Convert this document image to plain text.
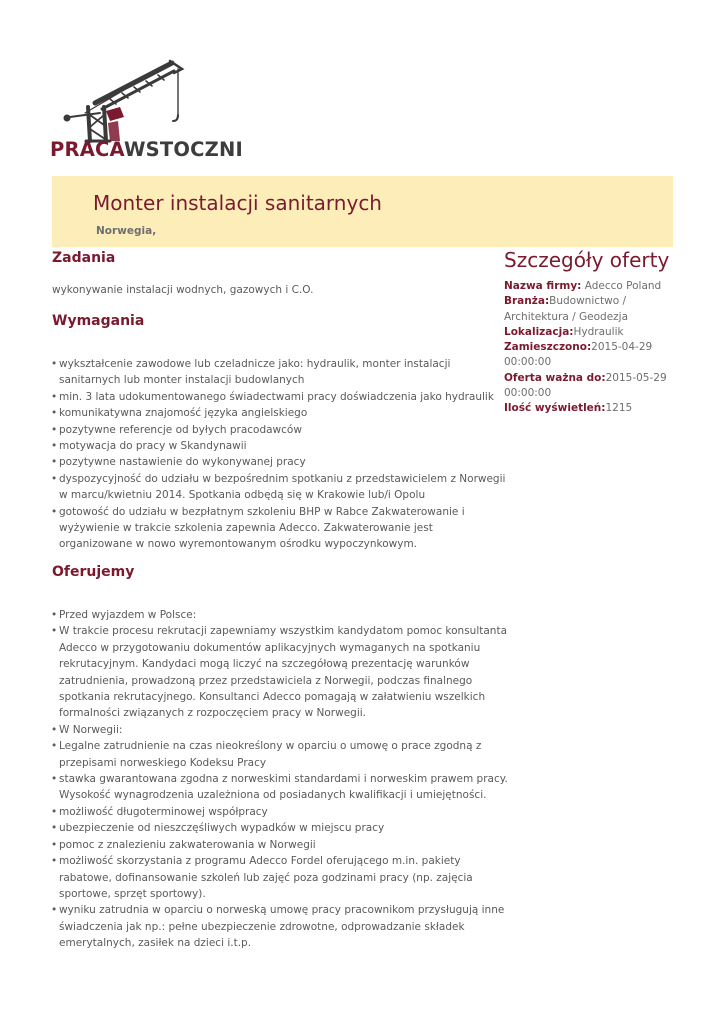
PRACAWSTOCZNI
Monter instalacji sanitarnych
Norwegia,
Zadania
wykonywanie instalacji wodnych, gazowych i C.O.
Wymagania
• wykształcenie zawodowe lub czeladnicze jako: hydraulik, monter instalacji sanitarnych lub monter instalacji budowlanych
• min. 3 lata udokumentowanego świadectwami pracy doświadczenia jako hydraulik
• komunikatywna znajomość języka angielskiego
• pozytywne referencje od byłych pracodawców
• motywacja do pracy w Skandynawii
• pozytywne nastawienie do wykonywanej pracy
• dyspozycyjność do udziału w bezpośrednim spotkaniu z przedstawicielem z Norwegii w marcu/kwietniu 2014. Spotkania odbędą się w Krakowie lub/i Opolu
• gotowość do udziału w bezpłatnym szkoleniu BHP w Rabce Zakwaterowanie i wyżywienie w trakcie szkolenia zapewnia Adecco. Zakwaterowanie jest organizowane w nowo wyremontowanym ośrodku wypoczynkowym.
Oferujemy
• Przed wyjazdem w Polsce:
• W trakcie procesu rekrutacji zapewniamy wszystkim kandydatom pomoc konsultanta Adecco w przygotowaniu dokumentów aplikacyjnych wymaganych na spotkaniu rekrutacyjnym. Kandydaci mogą liczyć na szczegółową prezentację warunków zatrudnienia, prowadzoną przez przedstawiciela z Norwegii, podczas finalnego spotkania rekrutacyjnego. Konsultanci Adecco pomagają w załatwieniu wszelkich formalności związanych z rozpoczęciem pracy w Norwegii.
• W Norwegii:
• Legalne zatrudnienie na czas nieokreślony w oparciu o umowę o prace zgodną z przepisami norweskiego Kodeksu Pracy
• stawka gwarantowana zgodna z norweskimi standardami i norweskim prawem pracy. Wysokość wynagrodzenia uzależniona od posiadanych kwalifikacji i umiejętności.
• możliwość długoterminowej współpracy
• ubezpieczenie od nieszczęśliwych wypadków w miejscu pracy
• pomoc z znalezieniu zakwaterowania w Norwegii
• możliwość skorzystania z programu Adecco Fordel oferującego m.in. pakiety rabatowe, dofinansowanie szkoleń lub zajęć poza godzinami pracy (np. zajęcia sportowe, sprzęt sportowy).
• wyniku zatrudnia w oparciu o norweską umowę pracy pracownikom przysługują inne świadczenia jak np.: pełne ubezpieczenie zdrowotne, odprowadzanie składek emerytalnych, zasiłek na dzieci i.t.p.
Szczegóły oferty
Nazwa firmy: Adecco Poland
Branża:Budownictwo / Architektura / Geodezja
Lokalizacja:Hydraulik
Zamieszczono:2015-04-29 00:00:00
Oferta ważna do:2015-05-29 00:00:00
Ilość wyświetleń:1215
